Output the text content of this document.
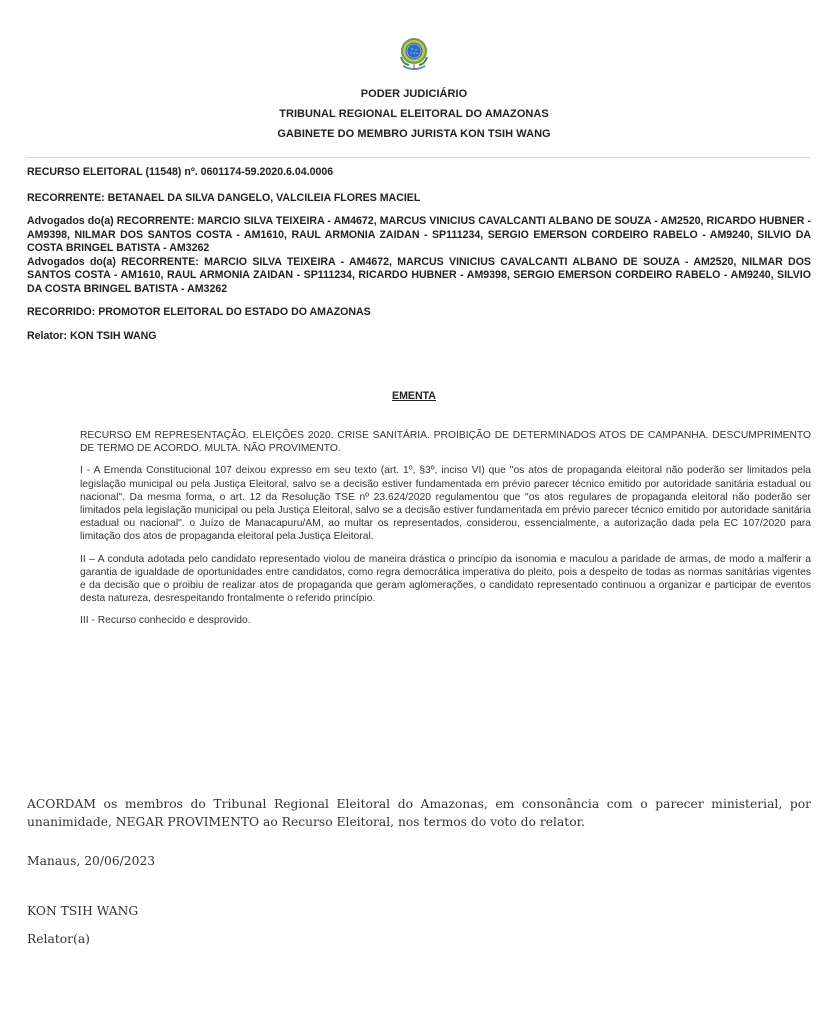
PODER JUDICIÁRIO
TRIBUNAL REGIONAL ELEITORAL DO AMAZONAS
GABINETE DO MEMBRO JURISTA KON TSIH WANG

RECURSO ELEITORAL (11548) nº. 0601174-59.2020.6.04.0006

RECORRENTE: BETANAEL DA SILVA DANGELO, VALCILEIA FLORES MACIEL

Advogados do(a) RECORRENTE: MARCIO SILVA TEIXEIRA - AM4672, MARCUS VINICIUS CAVALCANTI ALBANO DE SOUZA - AM2520, RICARDO HUBNER - AM9398, NILMAR DOS SANTOS COSTA - AM1610, RAUL ARMONIA ZAIDAN - SP111234, SERGIO EMERSON CORDEIRO RABELO - AM9240, SILVIO DA COSTA BRINGEL BATISTA - AM3262

Advogados do(a) RECORRENTE: MARCIO SILVA TEIXEIRA - AM4672, MARCUS VINICIUS CAVALCANTI ALBANO DE SOUZA - AM2520, NILMAR DOS SANTOS COSTA - AM1610, RAUL ARMONIA ZAIDAN - SP111234, RICARDO HUBNER - AM9398, SERGIO EMERSON CORDEIRO RABELO - AM9240, SILVIO DA COSTA BRINGEL BATISTA - AM3262

RECORRIDO: PROMOTOR ELEITORAL DO ESTADO DO AMAZONAS

Relator: KON TSIH WANG

EMENTA

RECURSO EM REPRESENTAÇÃO. ELEIÇÕES 2020. CRISE SANITÁRIA. PROIBIÇÃO DE DETERMINADOS ATOS DE CAMPANHA. DESCUMPRIMENTO DE TERMO DE ACORDO. MULTA. NÃO PROVIMENTO.

I - A Emenda Constitucional 107 deixou expresso em seu texto (art. 1º, §3º, inciso VI) que "os atos de propaganda eleitoral não poderão ser limitados pela legislação municipal ou pela Justiça Eleitoral, salvo se a decisão estiver fundamentada em prévio parecer técnico emitido por autoridade sanitária estadual ou nacional". Da mesma forma, o art. 12 da Resolução TSE nº 23.624/2020 regulamentou que "os atos regulares de propaganda eleitoral não poderão ser limitados pela legislação municipal ou pela Justiça Eleitoral, salvo se a decisão estiver fundamentada em prévio parecer técnico emitido por autoridade sanitária estadual ou nacional". o Juízo de Manacapuru/AM, ao multar os representados, considerou, essencialmente, a autorização dada pela EC 107/2020 para limitação dos atos de propaganda eleitoral pela Justiça Eleitoral.

II – A conduta adotada pelo candidato representado violou de maneira drástica o princípio da isonomia e maculou a paridade de armas, de modo a malferir a garantia de igualdade de oportunidades entre candidatos, como regra democrática imperativa do pleito, pois a despeito de todas as normas sanitárias vigentes e da decisão que o proibiu de realizar atos de propaganda que geram aglomerações, o candidato representado continuou a organizar e participar de eventos desta natureza, desrespeitando frontalmente o referido princípio.

III - Recurso conhecido e desprovido.

ACORDAM os membros do Tribunal Regional Eleitoral do Amazonas, em consonância com o parecer ministerial, por unanimidade, NEGAR PROVIMENTO ao Recurso Eleitoral, nos termos do voto do relator.

Manaus, 20/06/2023

KON TSIH WANG

Relator(a)
